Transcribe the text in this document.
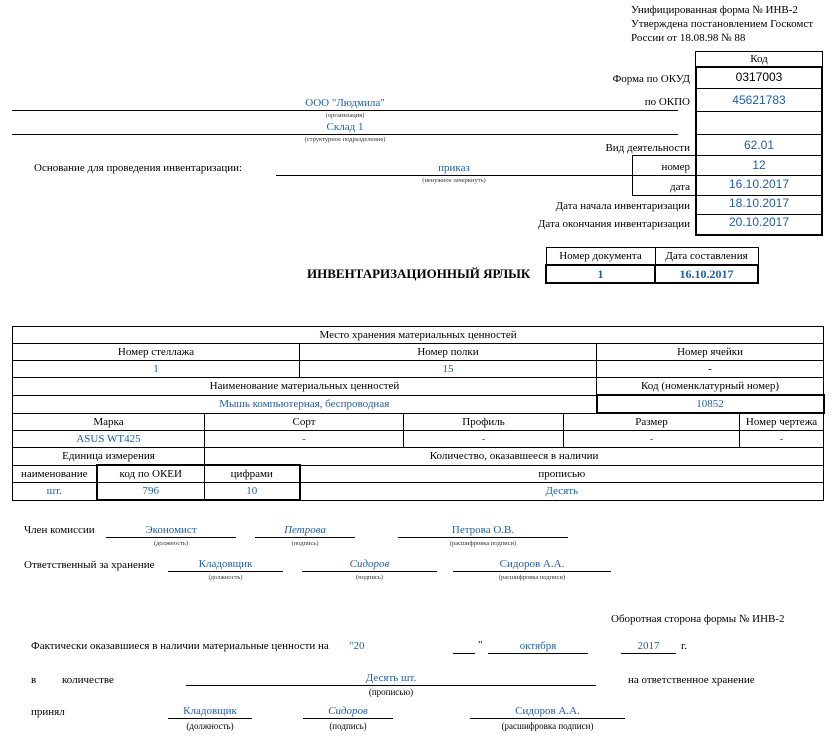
Унифицированная форма № ИНВ-2
Утверждена постановлением Госкомст
России от 18.08.98 № 88
Код
Форма по ОКУД	0317003
по ОКПО	45621783
Вид деятельности	62.01
номер	12
дата	16.10.2017
Дата начала инвентаризации	18.10.2017
Дата окончания инвентаризации	20.10.2017
ООО "Людмила"
(организация)
Склад 1
(структурное подразделение)
Основание для проведения инвентаризации:	приказ
(ненужное зачеркнуть)
ИНВЕНТАРИЗАЦИОННЫЙ ЯРЛЫК
Номер документа	Дата составления
1	16.10.2017
Место хранения материальных ценностей							
Номер стеллажа			Номер полки			Номер ячейки	
1			15			-	
Наименование материальных ценностей						Код (номенклатурный номер)	
Мышь компьютерная, беспроводная						10852	
Марка		Сорт		Профиль	Размер		Номер чертежа
ASUS WT425		-		-	-		-
Единица измерения		Количество, оказавшееся в наличии					
наименование	код по ОКЕИ	цифрами	прописью				
шт.	796	10	Десять				
Член комиссии	Экономист
(должность)
Петрова
(подпись)
Петрова О.В.
(расшифровка подписи)
Ответственный за хранение	Кладовщик
(должность)
Сидоров
(подпись)
Сидоров А.А.
(расшифровка подписи)
Оборотная сторона формы № ИНВ-2
Фактически оказавшиеся в наличии материальные ценности на "20	"	октября	2017	г.
в количестве	Десять шт.
(прописью)
на ответственное хранение
принял	Кладовщик
(должность)
Сидоров
(подпись)
Сидоров А.А.
(расшифровка подписи)
